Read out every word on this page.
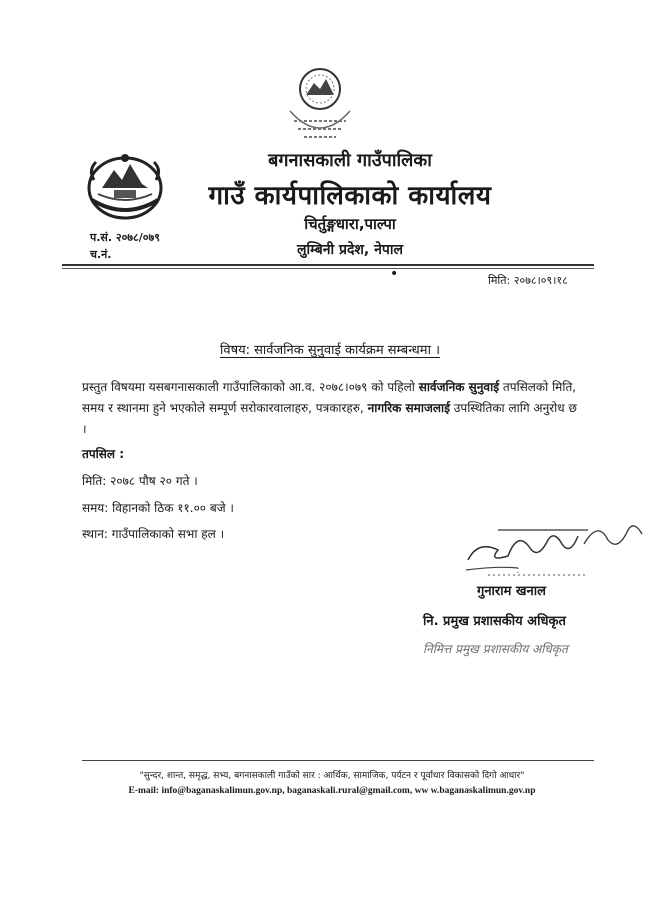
बगनासकाली गाउँपालिका
गाउँ कार्यपालिकाको कार्यालय
चिर्तुङ्गधारा,पाल्पा
लुम्बिनी प्रदेश, नेपाल
प.सं. २०७८/०७९
च.नं.
•	मिति: २०७८।०९।१८
विषय: सार्वजनिक सुनुवाई कार्यक्रम सम्बन्धमा ।
प्रस्तुत विषयमा यसबगनासकाली गाउँपालिकाको आ.व. २०७८।०७९ को पहिलो सार्वजनिक सुनुवाई तपसिलको मिति, समय र स्थानमा हुने भएकोले सम्पूर्ण सरोकारवालाहरु, पत्रकारहरु, नागरिक समाजलाई उपस्थितिका लागि अनुरोध छ ।
तपसिल :
मिति: २०७८ पौष २० गते ।
समय: विहानको ठिक ११.०० बजे ।
स्थान: गाउँपालिकाको सभा हल ।
गुनाराम खनाल
नि. प्रमुख प्रशासकीय अधिकृत
निमित्त प्रमुख प्रशासकीय अधिकृत
"सुन्दर, शान्त, समृद्ध, सभ्य, बगनासकाली गाउँको सार : आर्थिक, सामाजिक, पर्यटन र पूर्वाधार विकासको दिगो आधार"
E-mail: info@baganaskalimun.gov.np, baganaskali.rural@gmail.com, ww w.baganaskalimun.gov.np
